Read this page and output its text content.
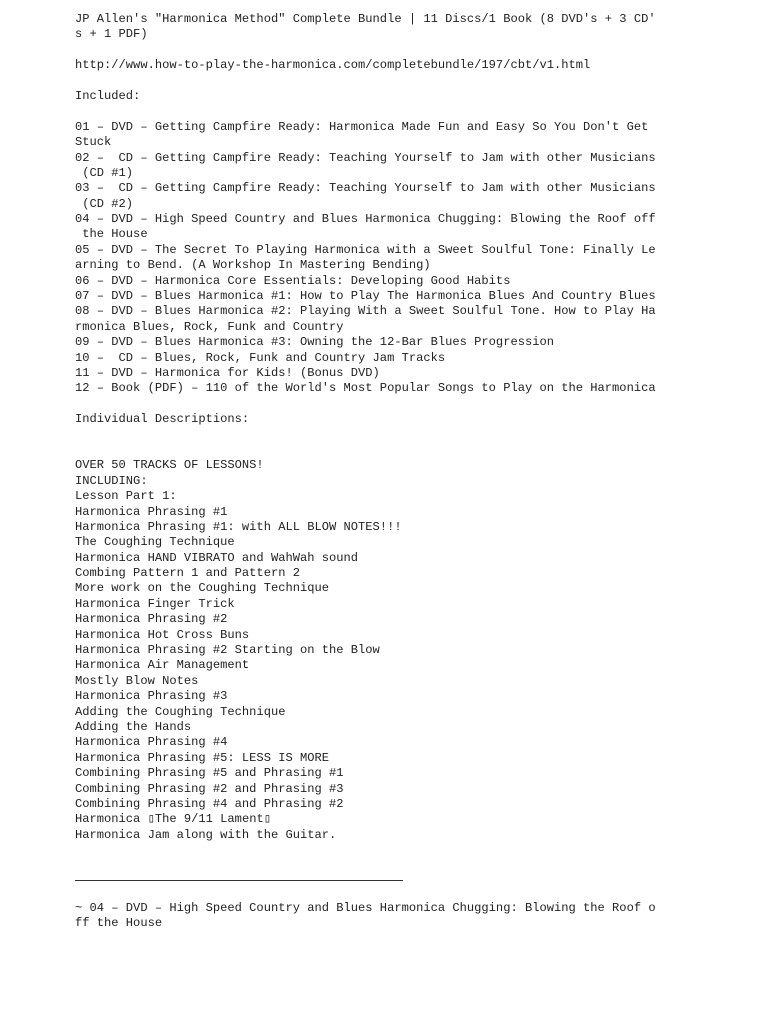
JP Allen's "Harmonica Method" Complete Bundle | 11 Discs/1 Book (8 DVD's + 3 CD'
s + 1 PDF)
http://www.how-to-play-the-harmonica.com/completebundle/197/cbt/v1.html
Included:
01 – DVD – Getting Campfire Ready: Harmonica Made Fun and Easy So You Don't Get
Stuck
02 –  CD – Getting Campfire Ready: Teaching Yourself to Jam with other Musicians
(CD #1)
03 –  CD – Getting Campfire Ready: Teaching Yourself to Jam with other Musicians
(CD #2)
04 – DVD – High Speed Country and Blues Harmonica Chugging: Blowing the Roof off
the House
05 – DVD – The Secret To Playing Harmonica with a Sweet Soulful Tone: Finally Le
arning to Bend. (A Workshop In Mastering Bending)
06 – DVD – Harmonica Core Essentials: Developing Good Habits
07 – DVD – Blues Harmonica #1: How to Play The Harmonica Blues And Country Blues
08 – DVD – Blues Harmonica #2: Playing With a Sweet Soulful Tone. How to Play Ha
rmonica Blues, Rock, Funk and Country
09 – DVD – Blues Harmonica #3: Owning the 12-Bar Blues Progression
10 –  CD – Blues, Rock, Funk and Country Jam Tracks
11 – DVD – Harmonica for Kids! (Bonus DVD)
12 – Book (PDF) – 110 of the World's Most Popular Songs to Play on the Harmonica
Individual Descriptions:
OVER 50 TRACKS OF LESSONS!
INCLUDING:
Lesson Part 1:
Harmonica Phrasing #1
Harmonica Phrasing #1: with ALL BLOW NOTES!!!
The Coughing Technique
Harmonica HAND VIBRATO and WahWah sound
Combing Pattern 1 and Pattern 2
More work on the Coughing Technique
Harmonica Finger Trick
Harmonica Phrasing #2
Harmonica Hot Cross Buns
Harmonica Phrasing #2 Starting on the Blow
Harmonica Air Management
Mostly Blow Notes
Harmonica Phrasing #3
Adding the Coughing Technique
Adding the Hands
Harmonica Phrasing #4
Harmonica Phrasing #5: LESS IS MORE
Combining Phrasing #5 and Phrasing #1
Combining Phrasing #2 and Phrasing #3
Combining Phrasing #4 and Phrasing #2
Harmonica ▯The 9/11 Lament▯
Harmonica Jam along with the Guitar.
~ 04 – DVD – High Speed Country and Blues Harmonica Chugging: Blowing the Roof o
ff the House
